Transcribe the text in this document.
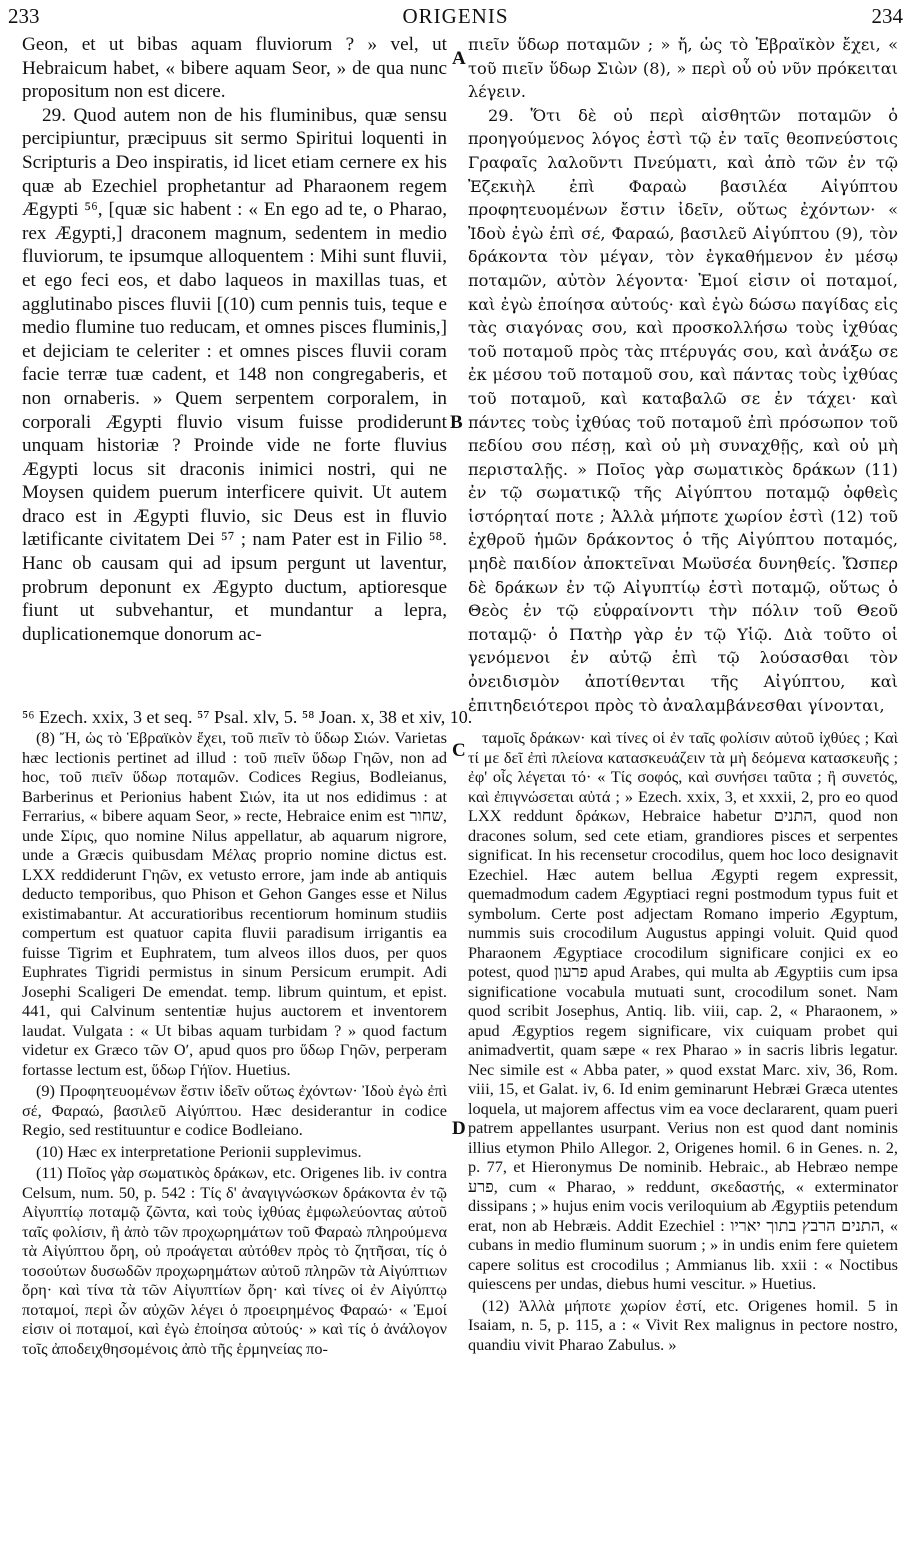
233	ORIGENIS	234
A
B
C
D

Geon, et ut bibas aquam fluviorum ? » vel, ut Hebraicum habet, « bibere aquam Seor, » de qua nunc propositum non est dicere.

29. Quod autem non de his fluminibus, quæ sensu percipiuntur, præcipuus sit sermo Spiritui loquenti in Scripturis a Deo inspiratis, id licet etiam cernere ex his quæ ab Ezechiel prophetantur ad Pharaonem regem Ægypti ⁵⁶, [quæ sic habent : « En ego ad te, o Pharao, rex Ægypti,] draconem magnum, sedentem in medio fluviorum, te ipsumque alloquentem : Mihi sunt fluvii, et ego feci eos, et dabo laqueos in maxillas tuas, et agglutinabo pisces fluvii [(10) cum pennis tuis, teque e medio flumine tuo reducam, et omnes pisces fluminis,] et dejiciam te celeriter : et omnes pisces fluvii coram facie terræ tuæ cadent, et 148 non congregaberis, et non ornaberis. » Quem serpentem corporalem, in corporali Ægypti fluvio visum fuisse prodiderunt unquam historiæ ? Proinde vide ne forte fluvius Ægypti locus sit draconis inimici nostri, qui ne Moysen quidem puerum interficere quivit. Ut autem draco est in Ægypti fluvio, sic Deus est in fluvio lætificante civitatem Dei ⁵⁷ ; nam Pater est in Filio ⁵⁸. Hanc ob causam qui ad ipsum pergunt ut laventur, probrum deponunt ex Ægypto ductum, aptioresque fiunt ut subvehantur, et mundantur a lepra, duplicationemque donorum ac-

πιεῖν ὕδωρ ποταμῶν ; » ἤ, ὡς τὸ Ἑβραϊκὸν ἔχει, « τοῦ πιεῖν ὕδωρ Σιὼν (8), » περὶ οὗ οὐ νῦν πρόκειται λέγειν.

29. Ὅτι δὲ οὐ περὶ αἰσθητῶν ποταμῶν ὁ προηγούμενος λόγος ἐστὶ τῷ ἐν ταῖς θεοπνεύστοις Γραφαῖς λαλοῦντι Πνεύματι, καὶ ἀπὸ τῶν ἐν τῷ Ἐζεκιὴλ ἐπὶ Φαραὼ βασιλέα Αἰγύπτου προφητευομένων ἔστιν ἰδεῖν, οὕτως ἐχόντων· « Ἰδοὺ ἐγὼ ἐπὶ σέ, Φαραώ, βασιλεῦ Αἰγύπτου (9), τὸν δράκοντα τὸν μέγαν, τὸν ἐγκαθήμενον ἐν μέσῳ ποταμῶν, αὐτὸν λέγοντα· Ἐμοί εἰσιν οἱ ποταμοί, καὶ ἐγὼ ἐποίησα αὐτούς· καὶ ἐγὼ δώσω παγίδας εἰς τὰς σιαγόνας σου, καὶ προσκολλήσω τοὺς ἰχθύας τοῦ ποταμοῦ πρὸς τὰς πτέρυγάς σου, καὶ ἀνάξω σε ἐκ μέσου τοῦ ποταμοῦ σου, καὶ πάντας τοὺς ἰχθύας τοῦ ποταμοῦ, καὶ καταβαλῶ σε ἐν τάχει· καὶ πάντες τοὺς ἰχθύας τοῦ ποταμοῦ ἐπὶ πρόσωπον τοῦ πεδίου σου πέσῃ, καὶ οὐ μὴ συναχθῇς, καὶ οὐ μὴ περισταλῇς. » Ποῖος γὰρ σωματικὸς δράκων (11) ἐν τῷ σωματικῷ τῆς Αἰγύπτου ποταμῷ ὀφθεὶς ἱστόρηταί ποτε ; Ἀλλὰ μήποτε χωρίον ἐστὶ (12) τοῦ ἐχθροῦ ἡμῶν δράκοντος ὁ τῆς Αἰγύπτου ποταμός, μηδὲ παιδίον ἀποκτεῖναι Μωϋσέα δυνηθείς. Ὥσπερ δὲ δράκων ἐν τῷ Αἰγυπτίῳ ἐστὶ ποταμῷ, οὕτως ὁ Θεὸς ἐν τῷ εὐφραίνοντι τὴν πόλιν τοῦ Θεοῦ ποταμῷ· ὁ Πατὴρ γὰρ ἐν τῷ Υἱῷ. Διὰ τοῦτο οἱ γενόμενοι ἐν αὐτῷ ἐπὶ τῷ λούσασθαι τὸν ὀνειδισμὸν ἀποτίθενται τῆς Αἰγύπτου, καὶ ἐπιτηδειότεροι πρὸς τὸ ἀναλαμβάνεσθαι γίνονται,

⁵⁶ Ezech. xxix, 3 et seq. ⁵⁷ Psal. xlv, 5. ⁵⁸ Joan. x, 38 et xiv, 10.

(8) Ἤ, ὡς τὸ Ἑβραϊκὸν ἔχει, τοῦ πιεῖν τὸ ὕδωρ Σιών. Varietas hæc lectionis pertinet ad illud : τοῦ πιεῖν ὕδωρ Γηῶν, non ad hoc, τοῦ πιεῖν ὕδωρ ποταμῶν. Codices Regius, Bodleianus, Barberinus et Perionius habent Σιών, ita ut nos edidimus : at Ferrarius, « bibere aquam Seor, » recte, Hebraice enim est שחור, unde Σίρις, quo nomine Nilus appellatur, ab aquarum nigrore, unde a Græcis quibusdam Μέλας proprio nomine dictus est. LXX reddiderunt Γηῶν, ex vetusto errore, jam inde ab antiquis deducto temporibus, quo Phison et Gehon Ganges esse et Nilus existimabantur. At accuratioribus recentiorum hominum studiis compertum est quatuor capita fluvii paradisum irrigantis ea fuisse Tigrim et Euphratem, tum alveos illos duos, per quos Euphrates Tigridi permistus in sinum Persicum erumpit. Adi Josephi Scaligeri De emendat. temp. librum quintum, et epist. 441, qui Calvinum sententiæ hujus auctorem et inventorem laudat. Vulgata : « Ut bibas aquam turbidam ? » quod factum videtur ex Græco τῶν Οʹ, apud quos pro ὕδωρ Γηῶν, perperam fortasse lectum est, ὕδωρ Γήϊον. Huetius.

(9) Προφητευομένων ἔστιν ἰδεῖν οὕτως ἐχόντων· Ἰδοὺ ἐγὼ ἐπὶ σέ, Φαραώ, βασιλεῦ Αἰγύπτου. Hæc desiderantur in codice Regio, sed restituuntur e codice Bodleiano.

(10) Hæc ex interpretatione Perionii supplevimus.

(11) Ποῖος γὰρ σωματικὸς δράκων, etc. Origenes lib. iv contra Celsum, num. 50, p. 542 : Τίς δ' ἀναγιγνώσκων δράκοντα ἐν τῷ Αἰγυπτίῳ ποταμῷ ζῶντα, καὶ τοὺς ἰχθύας ἐμφωλεύοντας αὐτοῦ ταῖς φολίσιν, ἢ ἀπὸ τῶν προχωρημάτων τοῦ Φαραὼ πληρούμενα τὰ Αἰγύπτου ὄρη, οὐ προάγεται αὐτόθεν πρὸς τὸ ζητῆσαι, τίς ὁ τοσούτων δυσωδῶν προχωρημάτων αὐτοῦ πληρῶν τὰ Αἰγύπτιων ὄρη· καὶ τίνα τὰ τῶν Αἰγυπτίων ὄρη· καὶ τίνες οἱ ἐν Αἰγύπτῳ ποταμοί, περὶ ὧν αὐχῶν λέγει ὁ προειρημένος Φαραώ· « Ἐμοί εἰσιν οἱ ποταμοί, καὶ ἐγὼ ἐποίησα αὐτούς· » καὶ τίς ὁ ἀνάλογον τοῖς ἀποδειχθησομένοις ἀπὸ τῆς ἑρμηνείας πο-

ταμοῖς δράκων· καὶ τίνες οἱ ἐν ταῖς φολίσιν αὐτοῦ ἰχθύες ; Καὶ τί με δεῖ ἐπὶ πλείονα κατασκευάζειν τὰ μὴ δεόμενα κατασκευῆς ; ἐφ' οἷς λέγεται τό· « Τίς σοφός, καὶ συνήσει ταῦτα ; ἢ συνετός, καὶ ἐπιγνώσεται αὐτά ; » Ezech. xxix, 3, et xxxii, 2, pro eo quod LXX reddunt δράκων, Hebraice habetur התנים, quod non dracones solum, sed cete etiam, grandiores pisces et serpentes significat. In his recensetur crocodilus, quem hoc loco designavit Ezechiel. Hæc autem bellua Ægypti regem expressit, quemadmodum cadem Ægyptiaci regni postmodum typus fuit et symbolum. Certe post adjectam Romano imperio Ægyptum, nummis suis crocodilum Augustus appingi voluit. Quid quod Pharaonem Ægyptiace crocodilum significare conjici ex eo potest, quod פרעון apud Arabes, qui multa ab Ægyptiis cum ipsa significatione vocabula mutuati sunt, crocodilum sonet. Nam quod scribit Josephus, Antiq. lib. viii, cap. 2, « Pharaonem, » apud Ægyptios regem significare, vix cuiquam probet qui animadvertit, quam sæpe « rex Pharao » in sacris libris legatur. Nec simile est « Abba pater, » quod exstat Marc. xiv, 36, Rom. viii, 15, et Galat. iv, 6. Id enim geminarunt Hebræi Græca utentes loquela, ut majorem affectus vim ea voce declararent, quam pueri patrem appellantes usurpant. Verius non est quod dant nominis illius etymon Philo Allegor. 2, Origenes homil. 6 in Genes. n. 2, p. 77, et Hieronymus De nominib. Hebraic., ab Hebræo nempe פרע, cum « Pharao, » reddunt, σκεδαστής, « exterminator dissipans ; » hujus enim vocis veriloquium ab Ægyptiis petendum erat, non ab Hebræis. Addit Ezechiel : התנים הרבץ בתוך יאריו, « cubans in medio fluminum suorum ; » in undis enim fere quietem capere solitus est crocodilus ; Ammianus lib. xxii : « Noctibus quiescens per undas, diebus humi vescitur. » Huetius.

(12) Ἀλλὰ μήποτε χωρίον ἐστί, etc. Origenes homil. 5 in Isaiam, n. 5, p. 115, a : « Vivit Rex malignus in pectore nostro, quandiu vivit Pharao Zabulus. »
